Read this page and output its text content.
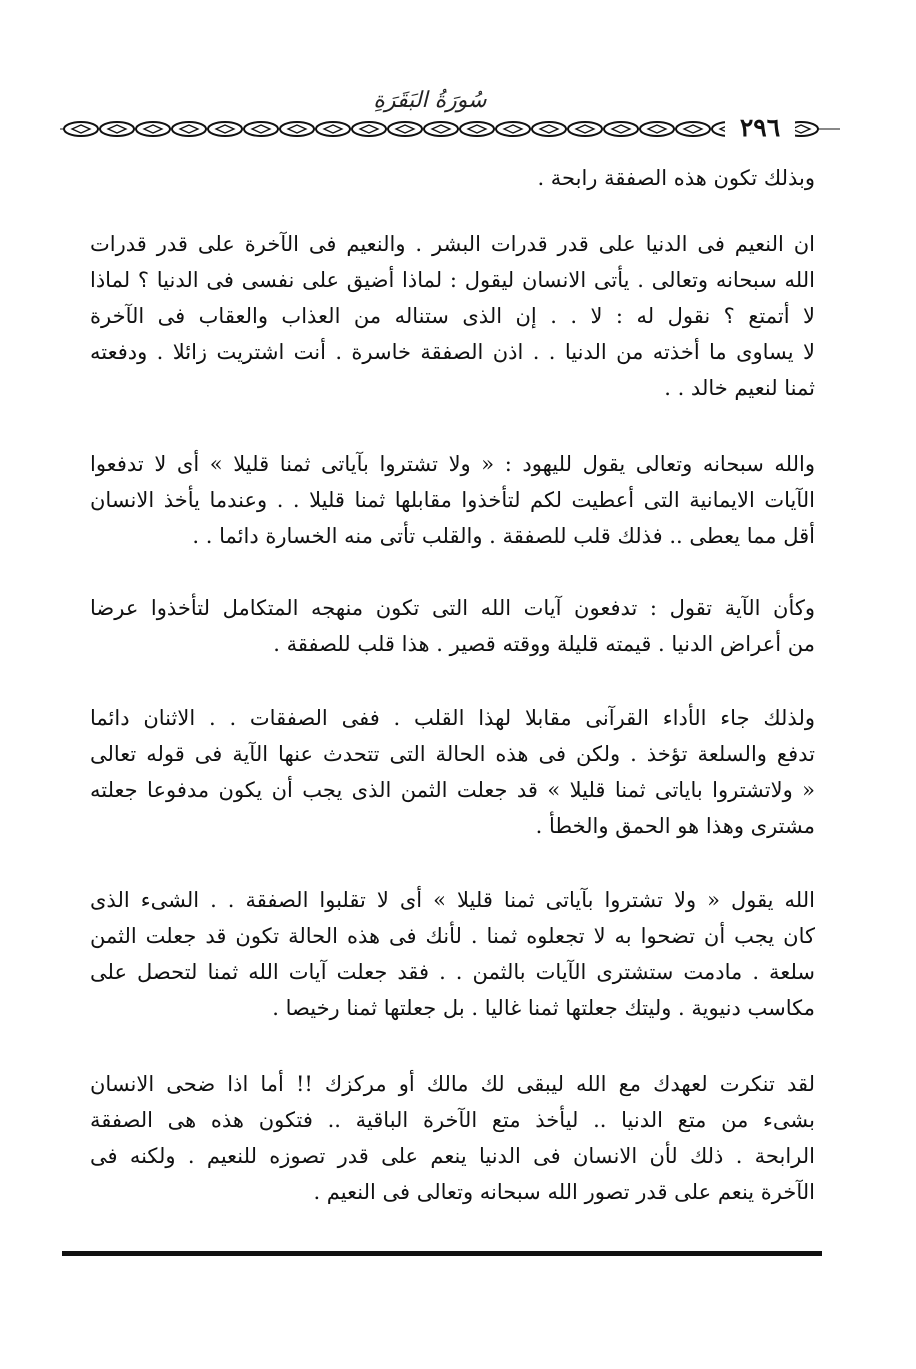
سُورَةُ البَقَرَةِ
٢٩٦
وبذلك تكون هذه الصفقة رابحة .
ان النعيم فى الدنيا على قدر قدرات البشر . والنعيم فى الآخرة على قدر قدرات
الله سبحانه وتعالى . يأتى الانسان ليقول : لماذا أضيق على نفسى فى الدنيا ؟ لماذا
لا أتمتع ؟ نقول له : لا . . إن الذى ستناله من العذاب والعقاب فى الآخرة
لا يساوى ما أخذته من الدنيا . . اذن الصفقة خاسرة . أنت اشتريت زائلا . ودفعته
ثمنا لنعيم خالد . .
والله سبحانه وتعالى يقول لليهود : « ولا تشتروا بآياتى ثمنا قليلا » أى لا تدفعوا
الآيات الايمانية التى أعطيت لكم لتأخذوا مقابلها ثمنا قليلا . . وعندما يأخذ الانسان
أقل مما يعطى .. فذلك قلب للصفقة . والقلب تأتى منه الخسارة دائما . .
وكأن الآية تقول : تدفعون آيات الله التى تكون منهجه المتكامل لتأخذوا عرضا
من أعراض الدنيا . قيمته قليلة ووقته قصير . هذا قلب للصفقة .
ولذلك جاء الأداء القرآنى مقابلا لهذا القلب . ففى الصفقات . . الاثنان دائما
تدفع والسلعة تؤخذ . ولكن فى هذه الحالة التى تتحدث عنها الآية فى قوله تعالى
« ولاتشتروا باياتى ثمنا قليلا » قد جعلت الثمن الذى يجب أن يكون مدفوعا جعلته
مشترى وهذا هو الحمق والخطأ .
الله يقول « ولا تشتروا بآياتى ثمنا قليلا » أى لا تقلبوا الصفقة . . الشىء الذى
كان يجب أن تضحوا به لا تجعلوه ثمنا . لأنك فى هذه الحالة تكون قد جعلت الثمن
سلعة . مادمت ستشترى الآيات بالثمن . . فقد جعلت آيات الله ثمنا لتحصل على
مكاسب دنيوية . وليتك جعلتها ثمنا غاليا . بل جعلتها ثمنا رخيصا .
لقد تنكرت لعهدك مع الله ليبقى لك مالك أو مركزك !! أما اذا ضحى الانسان
بشىء من متع الدنيا .. ليأخذ متع الآخرة الباقية .. فتكون هذه هى الصفقة
الرابحة . ذلك لأن الانسان فى الدنيا ينعم على قدر تصوزه للنعيم . ولكنه فى
الآخرة ينعم على قدر تصور الله سبحانه وتعالى فى النعيم .
